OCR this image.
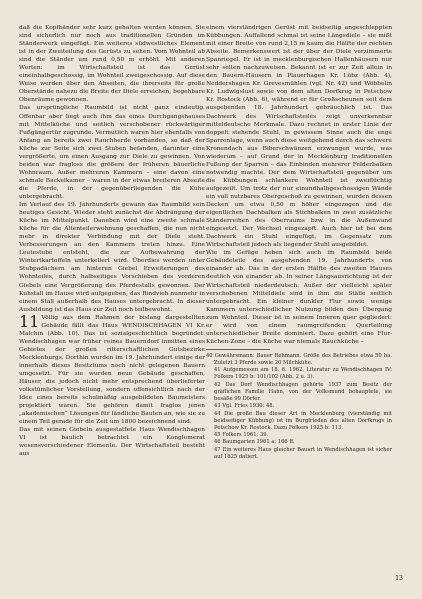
daß die Kopfbänder sehr kurz gehalten werden können. Sie sind sicherlich nur noch aus traditionellen Gründen im Ständerwerk eingefügt. Ein weiteres südwestliches Element ist in der Zweiteilung des Gerüsts zu sehen. Vom Wohnteil ab sind die Ständer um rund 0,50 m erhöht. Mit anderen Worten: im Wirtschaftsteil ist das Gerüst eineinhalbgeschossig, im Wohnteil zweigeschossig. Auf diese Weise werden über den Abseiten, die ihrerseits für große Oberstände nahezu die Breite der Diele erreichen, begehbare Obenräume gewonnen.

Das ursprüngliche Raumbild ist nicht ganz eindeutig. Offenbar aber liegt auch ihm das eines Durchgangshauses mit Mittelküche und seitlich verschobener rückwärtiger Fußgängertür zugrunde. Vermutlich waren hier ebenfalls von Anfang an bereits zwei Rauchherde vorhanden, so daß der Küche zur Seite sich zwei Stuben befanden, darunter eine vergrößerte, um einen Ausgang zur Diele zu gewinnen. Von beiden war fragloss die größere der früheren bäuerliche Wohnraum. Außer mehreren Kammern – eine davon eine schmale Backelkamer – waren in der etwas breiteren Abseite die Pferde, in der gegenüberliegenden die Kühe untergebracht.

Im Verlauf des 19. Jahrhunderts gewann das Raumbild sein heutiges Gesicht. Wieder steht zunächst die Abdrängung der Küche im Mittelpunkt. Daneben wird eine zweite schmale Küche für die Altenteilerwohnung geschaffen, die nun nicht mehr in direkter Verbindung mit der Diele steht. Verbesserungen an den Kammern treten hinzu. Eine Leutestube entsteht, die zur Aufbewahrung der Wintertkartoffeln unterkellert wird. Überdies werden unter Stubpadächern am hinteren Giebel Erweiterungen des Wohnteiles, durch halbseitiges Vorschieben des vorderen Giebels eine Vergrößerung des Pferdestalls gewonnen. Der Kuhstall im Hause wird aufgegeben, das Rindvieh nunmehr in einem Stall außerhalb des Hauses untergebracht. In dieser Ausbildung ist das Haus zur Zeit noch teilbewohnt.

11 Völlig aus dem Rahmen der bislang dargestellten Gebäude fällt das Haus WENDISCHHAGEN VI Kr. Malchin (Abb. 10). Das ist sozialgeschichtlich begründet: Wendischhagen war früher reines Bauerndorf inmitten eines Gebietes der großen ritterschaftlichen Gutsbezirke Mecklenburgs. Dorthin wurden im 19. Jahrhundert einige der innerhalb dieses Besitztums noch nicht gelegenen Bauern umgesetzt. Für sie wurden neue Gebäude geschaffen, Häuser, die jedoch nicht mehr entsprechend überlieferter volkstümlicher Vorstellung, sondern offensichtlich nach der Idee eines bereits schulmäßig ausgebildeten Baumeisters projektiert waren. Sie gehören damit fraglos jenen „akademischen“ Lösungen für ländliche Bauten an, wie sie zu einem Teil gerade für die Zeit um 1800 bezeichnend sind.

Das mit seinen Giebeln ausgestattete Haus Wendischhagen VI ist baulich betrachtet ein Konglomerat wesensverschiedener Elemente. Der Wirtschaftsteil besteht aus

einem vierständrigen Gerüst mit beidseitig angeschleppten Kübbungen. Auffallend schmal ist seine Längsdiele – sie mißt mit einer Breite von rund 2,15 m kaum die Hälfte der rechten Abseite. Bemerkenswert ist der über der Diele verzimmerte Spanriegel. Er ist in mecklenburgischen Hallenhäusern nur sehr selten nachzuweisen. Bekannt ist er zur Zeit allein in den Bauern-Häusern in Plauerhagen Kr. Lübz (Abb. 4), Neddershagen Kr. Grevesmühlen (vgl. Nr. 42) und Wöbbelin Kr. Ludwigslust sowie von dem alten Dorfkrug in Petschow Kr. Rostock (Abb. 6), während er für Großscheunen seit dem ausgehenden 18. Jahrhundert gebräuchlich ist. Das Dachwerk des Wirtschaftsteiles zeigt unverkennbar mitteldeutsche Merkmale. Dazu rechnet in erster Linie der doppelt stehende Stuhl, in gewissem Sinne auch die enge Sparrenlage, wenn auch diese weitgehend durch das schwere Kronendach aus Biberschwänzen erzwungen wurde, was wiederum – auf Grund der in Mecklenburg traditionellen Fußung der Sparren – das Einbinden mehrerer Felderbalken notwendig machte. Der dem Wirtschaftsteil gegenüber um die Kübbungen schlankere Wohnteil ist zweiflüchtig aufgezeilt. Um trotz der nur einundhalbgeschossigen Wände ein voll nutzbares Obergeschoß zu gewinnen, wurden dessen Decken um etwa 0,50 m höher eingezogen und die eigentlichen Dachbalken als Stichbalken in zwei zusätzliche Ständerreihen des Oberraums bzw. in die Außenwand eingesetzt. Der Wechsel eingezapft. Auch hier ist bei dem Dachwerk ein Stuhl eingefügt, im Gegensatz zum Wirtschaftsteil jedoch als liegender Stuhl ausgebildet.

Wie im Gefüge heben sich auch im Raumbild beide Gebäudeteile des ausgehenden 19. Jahrhunderts von einander ab. Das in der ersten Hälfte des zweiten Hauses deutlich von einander ab. In seiner Längsausrichtung ist der Wirtschaftsteil niederdeutsch. Außer der vielleicht später verschobenen Mitteldiele sind in ihm die Ställe seitlich untergebracht. Ein kleiner dunkler Flur sowie wenige Kammern unterschiedlicher Nutzung bilden den Übergang zum Wohnteil. Dieser ist in seinem Inneren quer gegliedert: er wird von einem raumgreifenden Querteilung unterschiedlicher Breite dominiert. Dazu gehört eine Flur-Küchen-Zone – die Küche war niemals Rauchküche –

40 Gewährsmann: Bauer Rehmann. Größe des Betriebes etwa 50 ha. Zuletzt 3 Pferde sowie 20 Milchkühe.

41 Aufgemessen am 18. 6. 1962. Literatur zu Wendischhagen IV: Folkers 1925 b: 101/102 (Abb. 2 u. 3).

42 Das Dorf Wendischhagen gehörte 1937 zum Besitz der gräflichen Familie Hahn, von der Volksmund behauptete, sie besäße 99 Dörfer.

43 Vgl. Fries 1930: 48.

44 Die große Bau dieser Art in Mecklenburg (vierständig mit beidseitiger Kübbung) ist im Burgfrieden des alten Dorfkrugs in Petschow Kr. Rostock. Dazu Folkers 1925 b: 113.

45 Folkers 1961: 39.

46 Baumgarten 1961 a: 166 ff.

47 Ein weiteres Haus gleicher Bauart in Wendischhagen ist sicher auf 1825 datiert.

13
